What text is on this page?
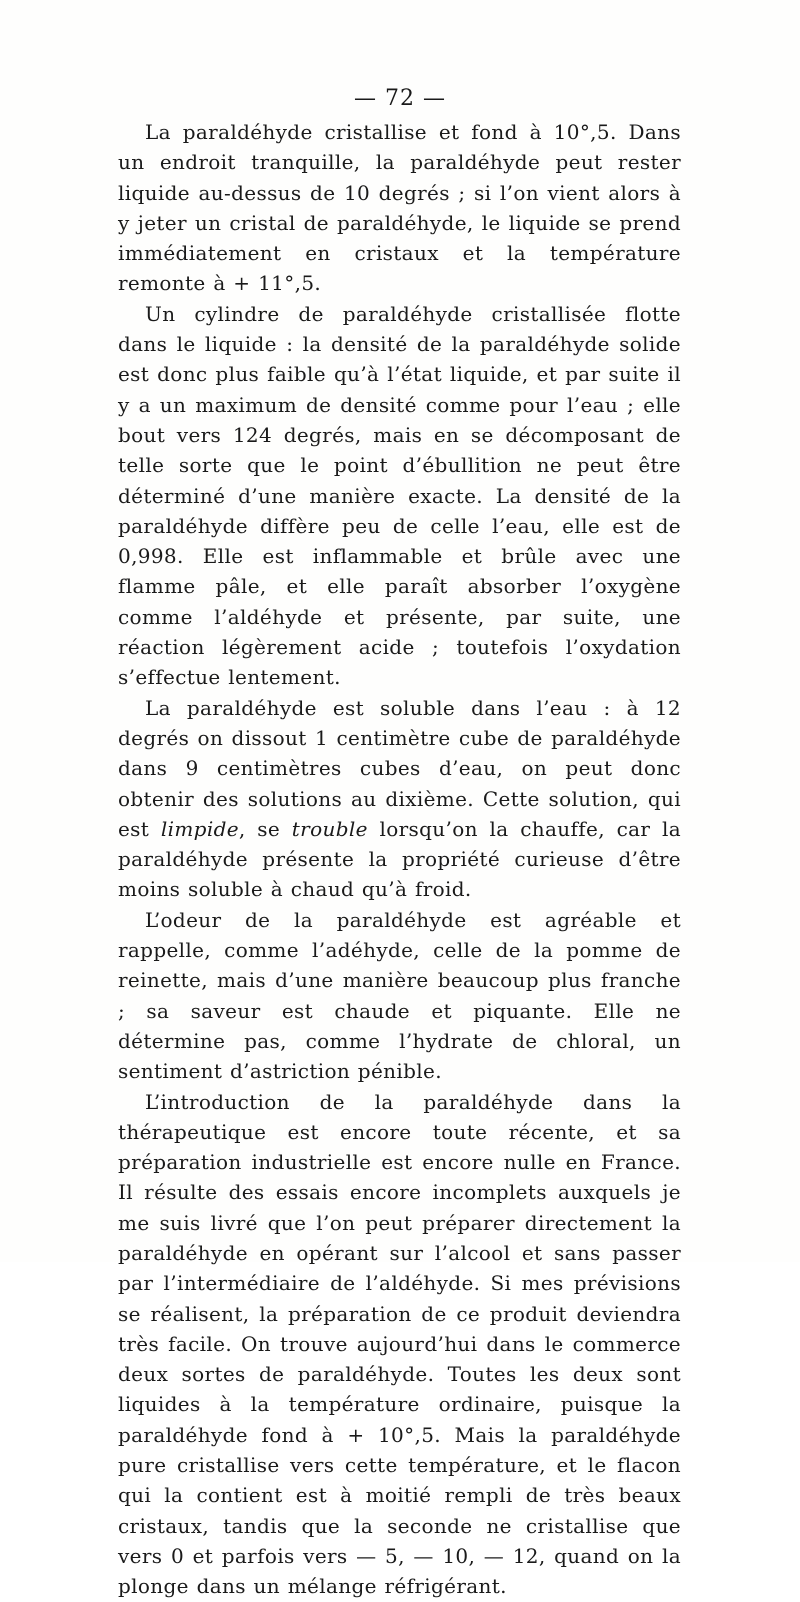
— 72 —

La paraldéhyde cristallise et fond à 10°,5. Dans un endroit tranquille, la paraldéhyde peut rester liquide au-dessus de 10 degrés ; si l’on vient alors à y jeter un cristal de paraldéhyde, le liquide se prend immédiatement en cristaux et la température remonte à + 11°,5.

Un cylindre de paraldéhyde cristallisée flotte dans le liquide : la densité de la paraldéhyde solide est donc plus faible qu’à l’état liquide, et par suite il y a un maximum de densité comme pour l’eau ; elle bout vers 124 degrés, mais en se décomposant de telle sorte que le point d’ébullition ne peut être déterminé d’une manière exacte. La densité de la paraldéhyde diffère peu de celle l’eau, elle est de 0,998. Elle est inflammable et brûle avec une flamme pâle, et elle paraît absorber l’oxygène comme l’aldéhyde et présente, par suite, une réaction légèrement acide ; toutefois l’oxydation s’effectue lentement.

La paraldéhyde est soluble dans l’eau : à 12 degrés on dissout 1 centimètre cube de paraldéhyde dans 9 centimètres cubes d’eau, on peut donc obtenir des solutions au dixième. Cette solution, qui est limpide, se trouble lorsqu’on la chauffe, car la paraldéhyde présente la propriété curieuse d’être moins soluble à chaud qu’à froid.

L’odeur de la paraldéhyde est agréable et rappelle, comme l’adéhyde, celle de la pomme de reinette, mais d’une manière beaucoup plus franche ; sa saveur est chaude et piquante. Elle ne détermine pas, comme l’hydrate de chloral, un sentiment d’astriction pénible.

L’introduction de la paraldéhyde dans la thérapeutique est encore toute récente, et sa préparation industrielle est encore nulle en France. Il résulte des essais encore incomplets auxquels je me suis livré que l’on peut préparer directement la paraldéhyde en opérant sur l’alcool et sans passer par l’intermédiaire de l’aldéhyde. Si mes prévisions se réalisent, la préparation de ce produit deviendra très facile. On trouve aujourd’hui dans le commerce deux sortes de paraldéhyde. Toutes les deux sont liquides à la température ordinaire, puisque la paraldéhyde fond à + 10°,5. Mais la paraldéhyde pure cristallise vers cette température, et le flacon qui la contient est à moitié rempli de très beaux cristaux, tandis que la seconde ne cristallise que vers 0 et parfois vers — 5, — 10, — 12, quand on la plonge dans un mélange réfrigérant.
